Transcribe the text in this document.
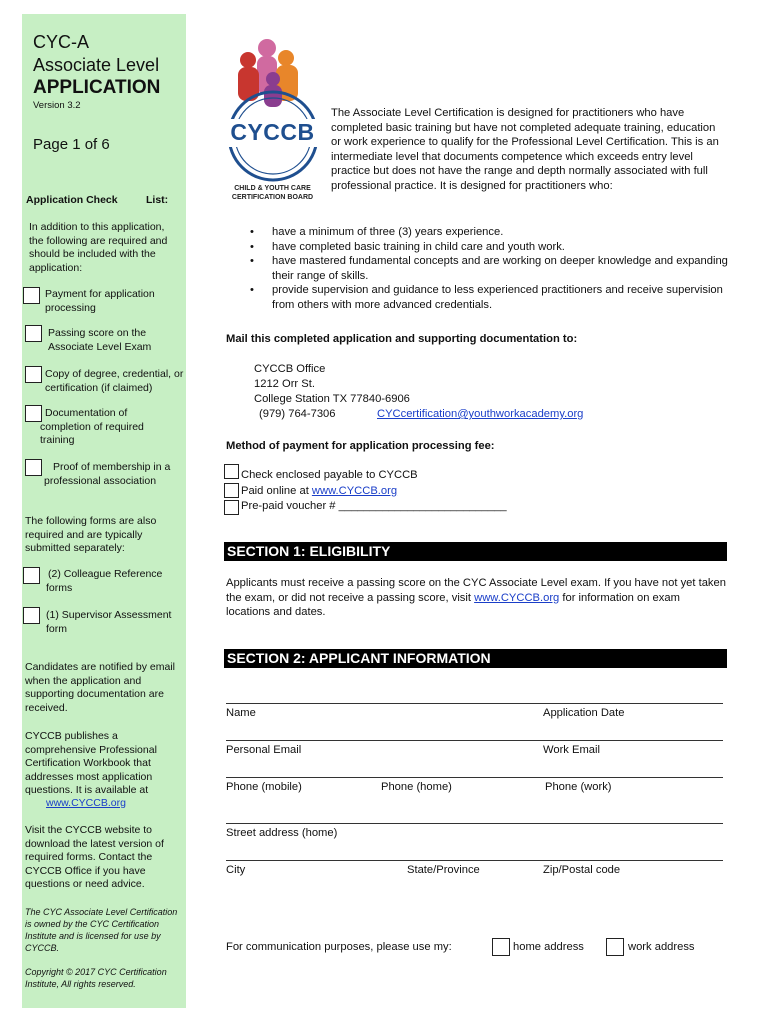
CYC-A
Associate Level
APPLICATION
Version 3.2
Page 1 of 6
Application Check	List:
In addition to this application, the following are required and should be included with the application:
Payment for application processing
Passing score on the Associate Level Exam
Copy of degree, credential, or certification (if claimed)
Documentation of completion of required training
Proof of membership in a professional association
The following forms are also required and are typically submitted separately:
(2) Colleague Reference forms
(1) Supervisor Assessment form
Candidates are notified by email when the application and supporting documentation are received.
CYCCB publishes a comprehensive Professional Certification Workbook that addresses most application questions. It is available at
www.CYCCB.org
Visit the CYCCB website to download the latest version of required forms. Contact the CYCCB Office if you have questions or need advice.
The CYC Associate Level Certification is owned by the CYC Certification Institute and is licensed for use by CYCCB.
Copyright © 2017 CYC Certification Institute, All rights reserved.
CYCCB
CHILD & YOUTH CARE
CERTIFICATION BOARD
The Associate Level Certification is designed for practitioners who have completed basic training but have not completed adequate training, education or work experience to qualify for the Professional Level Certification. This is an intermediate level that documents competence which exceeds entry level practice but does not have the range and depth normally associated with full professional practice. It is designed for practitioners who:
• have a minimum of three (3) years experience.
• have completed basic training in child care and youth work.
• have mastered fundamental concepts and are working on deeper knowledge and expanding their range of skills.
• provide supervision and guidance to less experienced practitioners and receive supervision from others with more advanced credentials.
Mail this completed application and supporting documentation to:
CYCCB Office
1212 Orr St.
College Station TX 77840-6906
(979) 764-7306	CYCcertification@youthworkacademy.org
Method of payment for application processing fee:
Check enclosed payable to CYCCB
Paid online at www.CYCCB.org
Pre-paid voucher # ___________________________
SECTION 1: ELIGIBILITY
Applicants must receive a passing score on the CYC Associate Level exam. If you have not yet taken the exam, or did not receive a passing score, visit www.CYCCB.org for information on exam locations and dates.
SECTION 2: APPLICANT INFORMATION
Name	Application Date
Personal Email	Work Email
Phone (mobile)	Phone (home)	Phone (work)
Street address (home)
City	State/Province	Zip/Postal code
For communication purposes, please use my:	home address	work address
